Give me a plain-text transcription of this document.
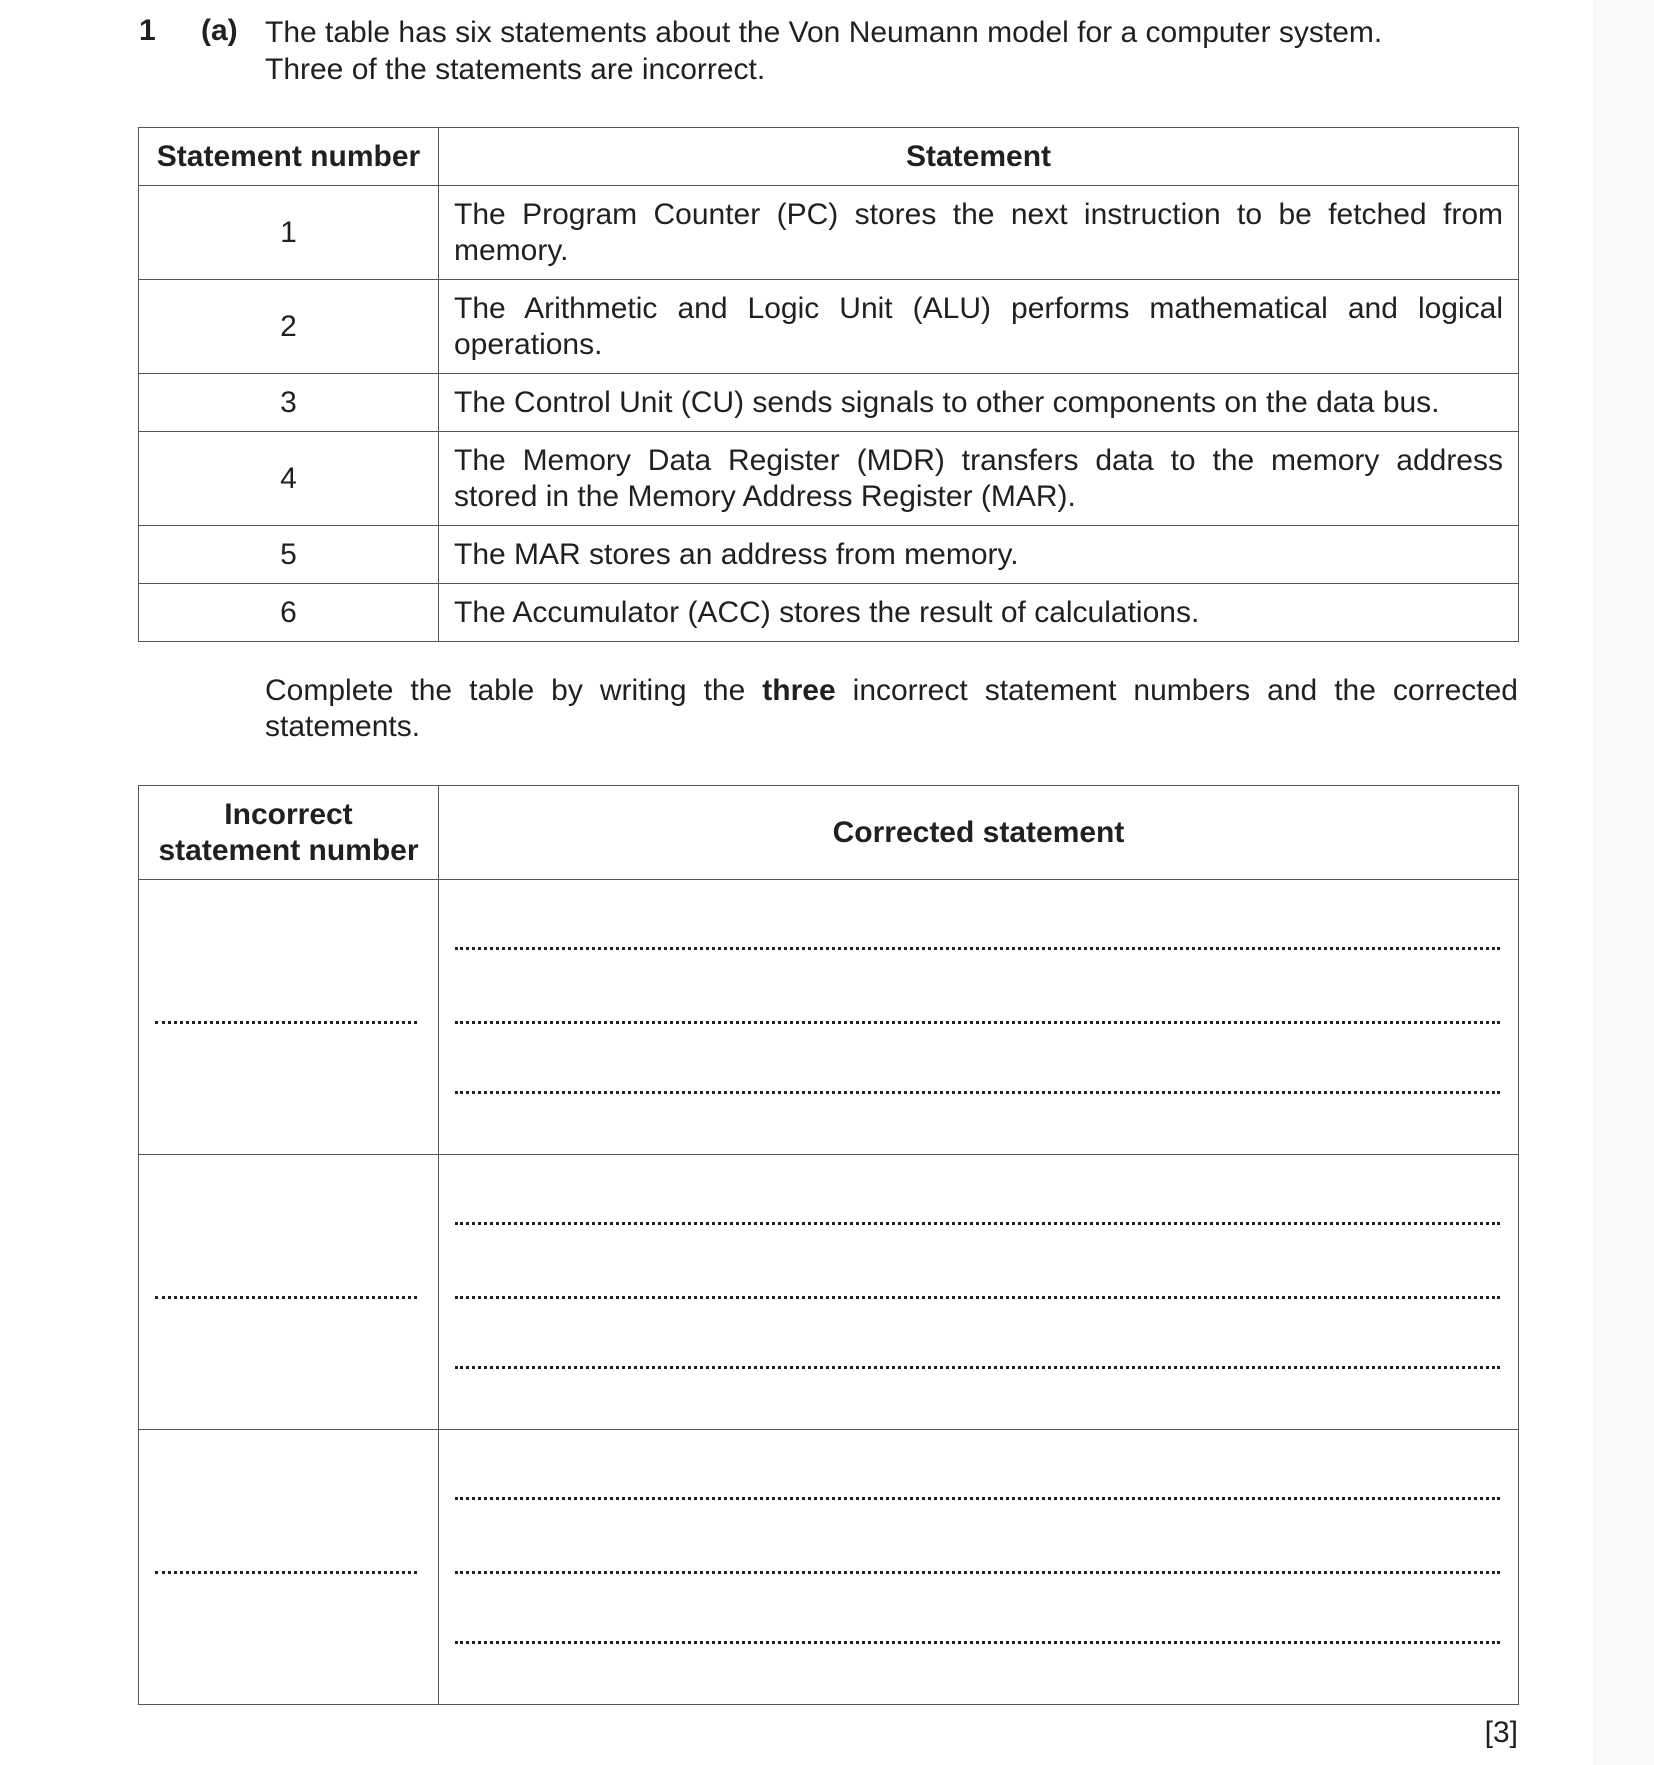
1 (a) The table has six statements about the Von Neumann model for a computer system.
Three of the statements are incorrect.
Statement number	Statement
1	The Program Counter (PC) stores the next instruction to be fetched from memory.
2	The Arithmetic and Logic Unit (ALU) performs mathematical and logical operations.
3	The Control Unit (CU) sends signals to other components on the data bus.
4	The Memory Data Register (MDR) transfers data to the memory address stored in the Memory Address Register (MAR).
5	The MAR stores an address from memory.
6	The Accumulator (ACC) stores the result of calculations.
Complete the table by writing the three incorrect statement numbers and the corrected statements.
Incorrect
statement number	Corrected statement

[3]
